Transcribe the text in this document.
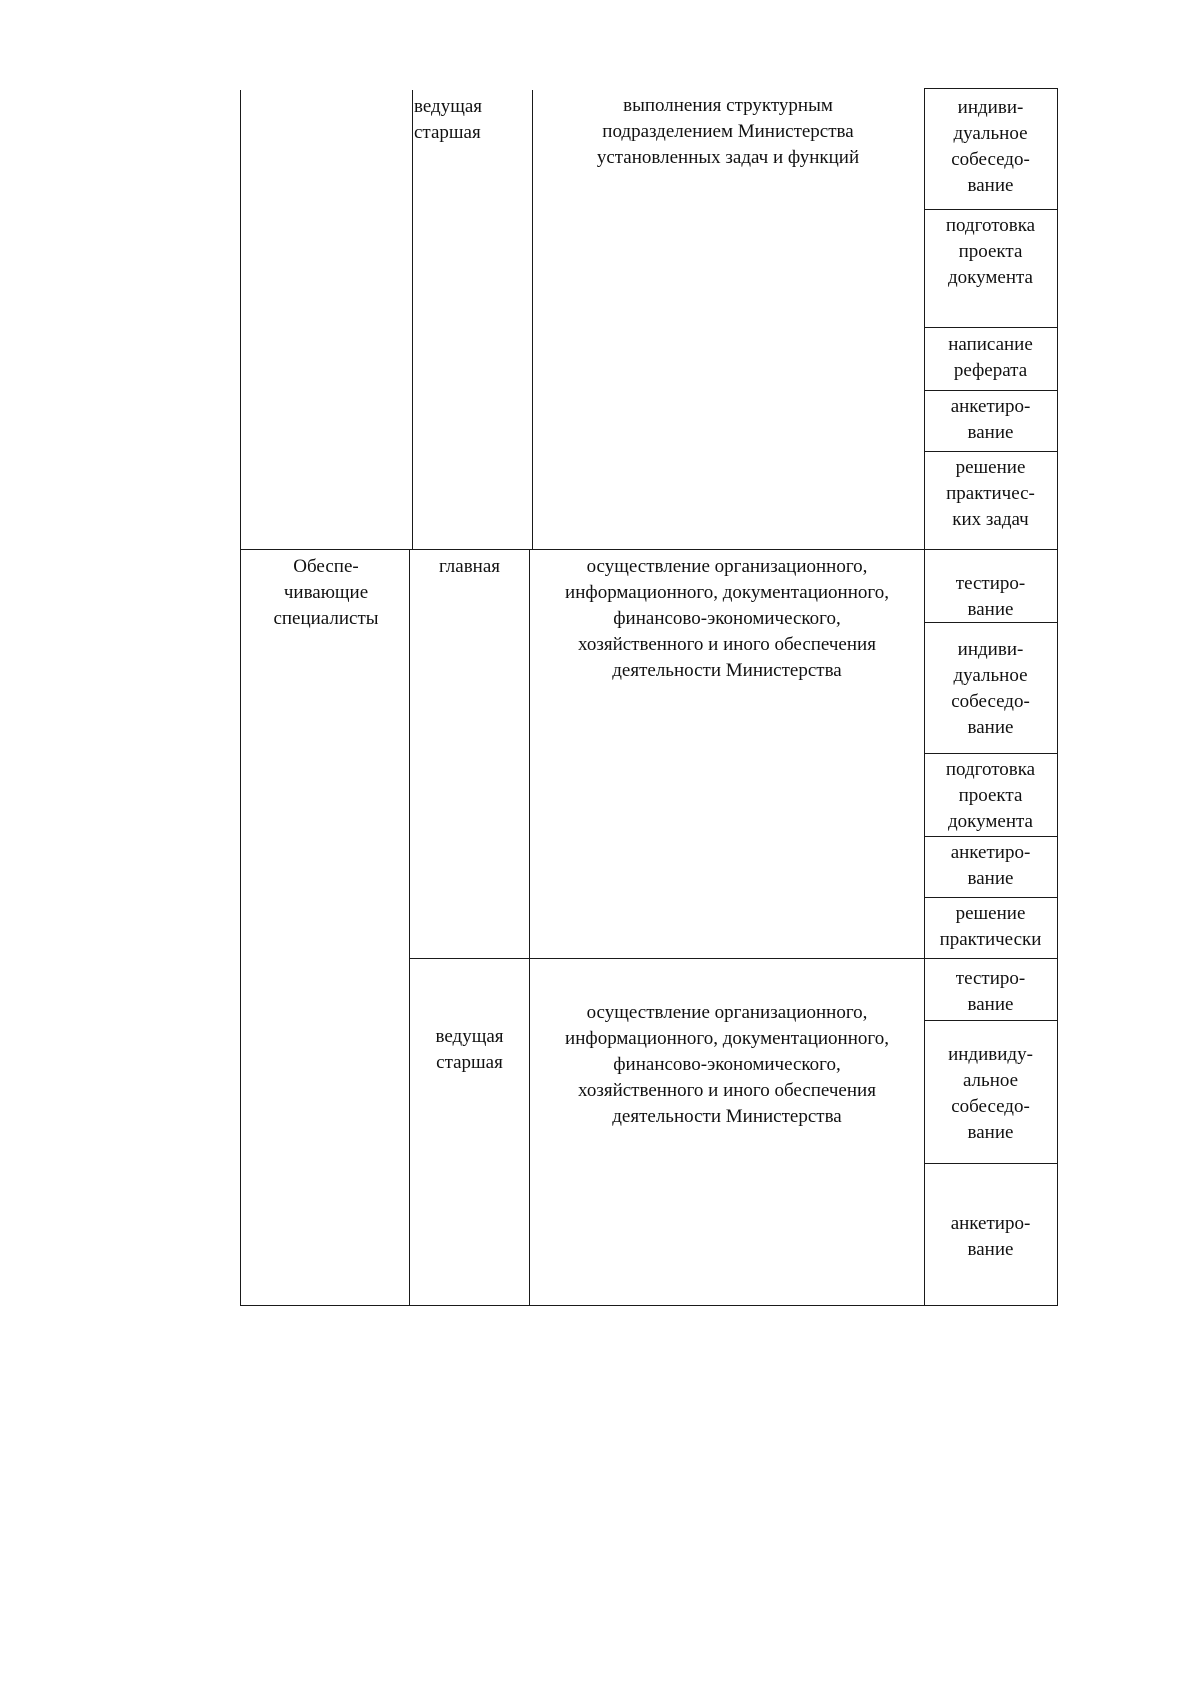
ведущая
старшая
выполнения структурным
подразделением Министерства
установленных задач и функций
индиви-
дуальное
собеседо-
вание
подготовка
проекта
документа
написание
реферата
анкетиро-
вание
решение
практичес-
ких задач
Обеспе-
чивающие
специалисты
главная	осуществление организационного,
информационного, документационного,
финансово-экономического,
хозяйственного и иного обеспечения
деятельности Министерства
тестиро-
вание
индиви-
дуальное
собеседо-
вание
подготовка
проекта
документа
анкетиро-
вание
решение
практически
ведущая
старшая
осуществление организационного,
информационного, документационного,
финансово-экономического,
хозяйственного и иного обеспечения
деятельности Министерства
тестиро-
вание
индивиду-
альное
собеседо-
вание
анкетиро-
вание
